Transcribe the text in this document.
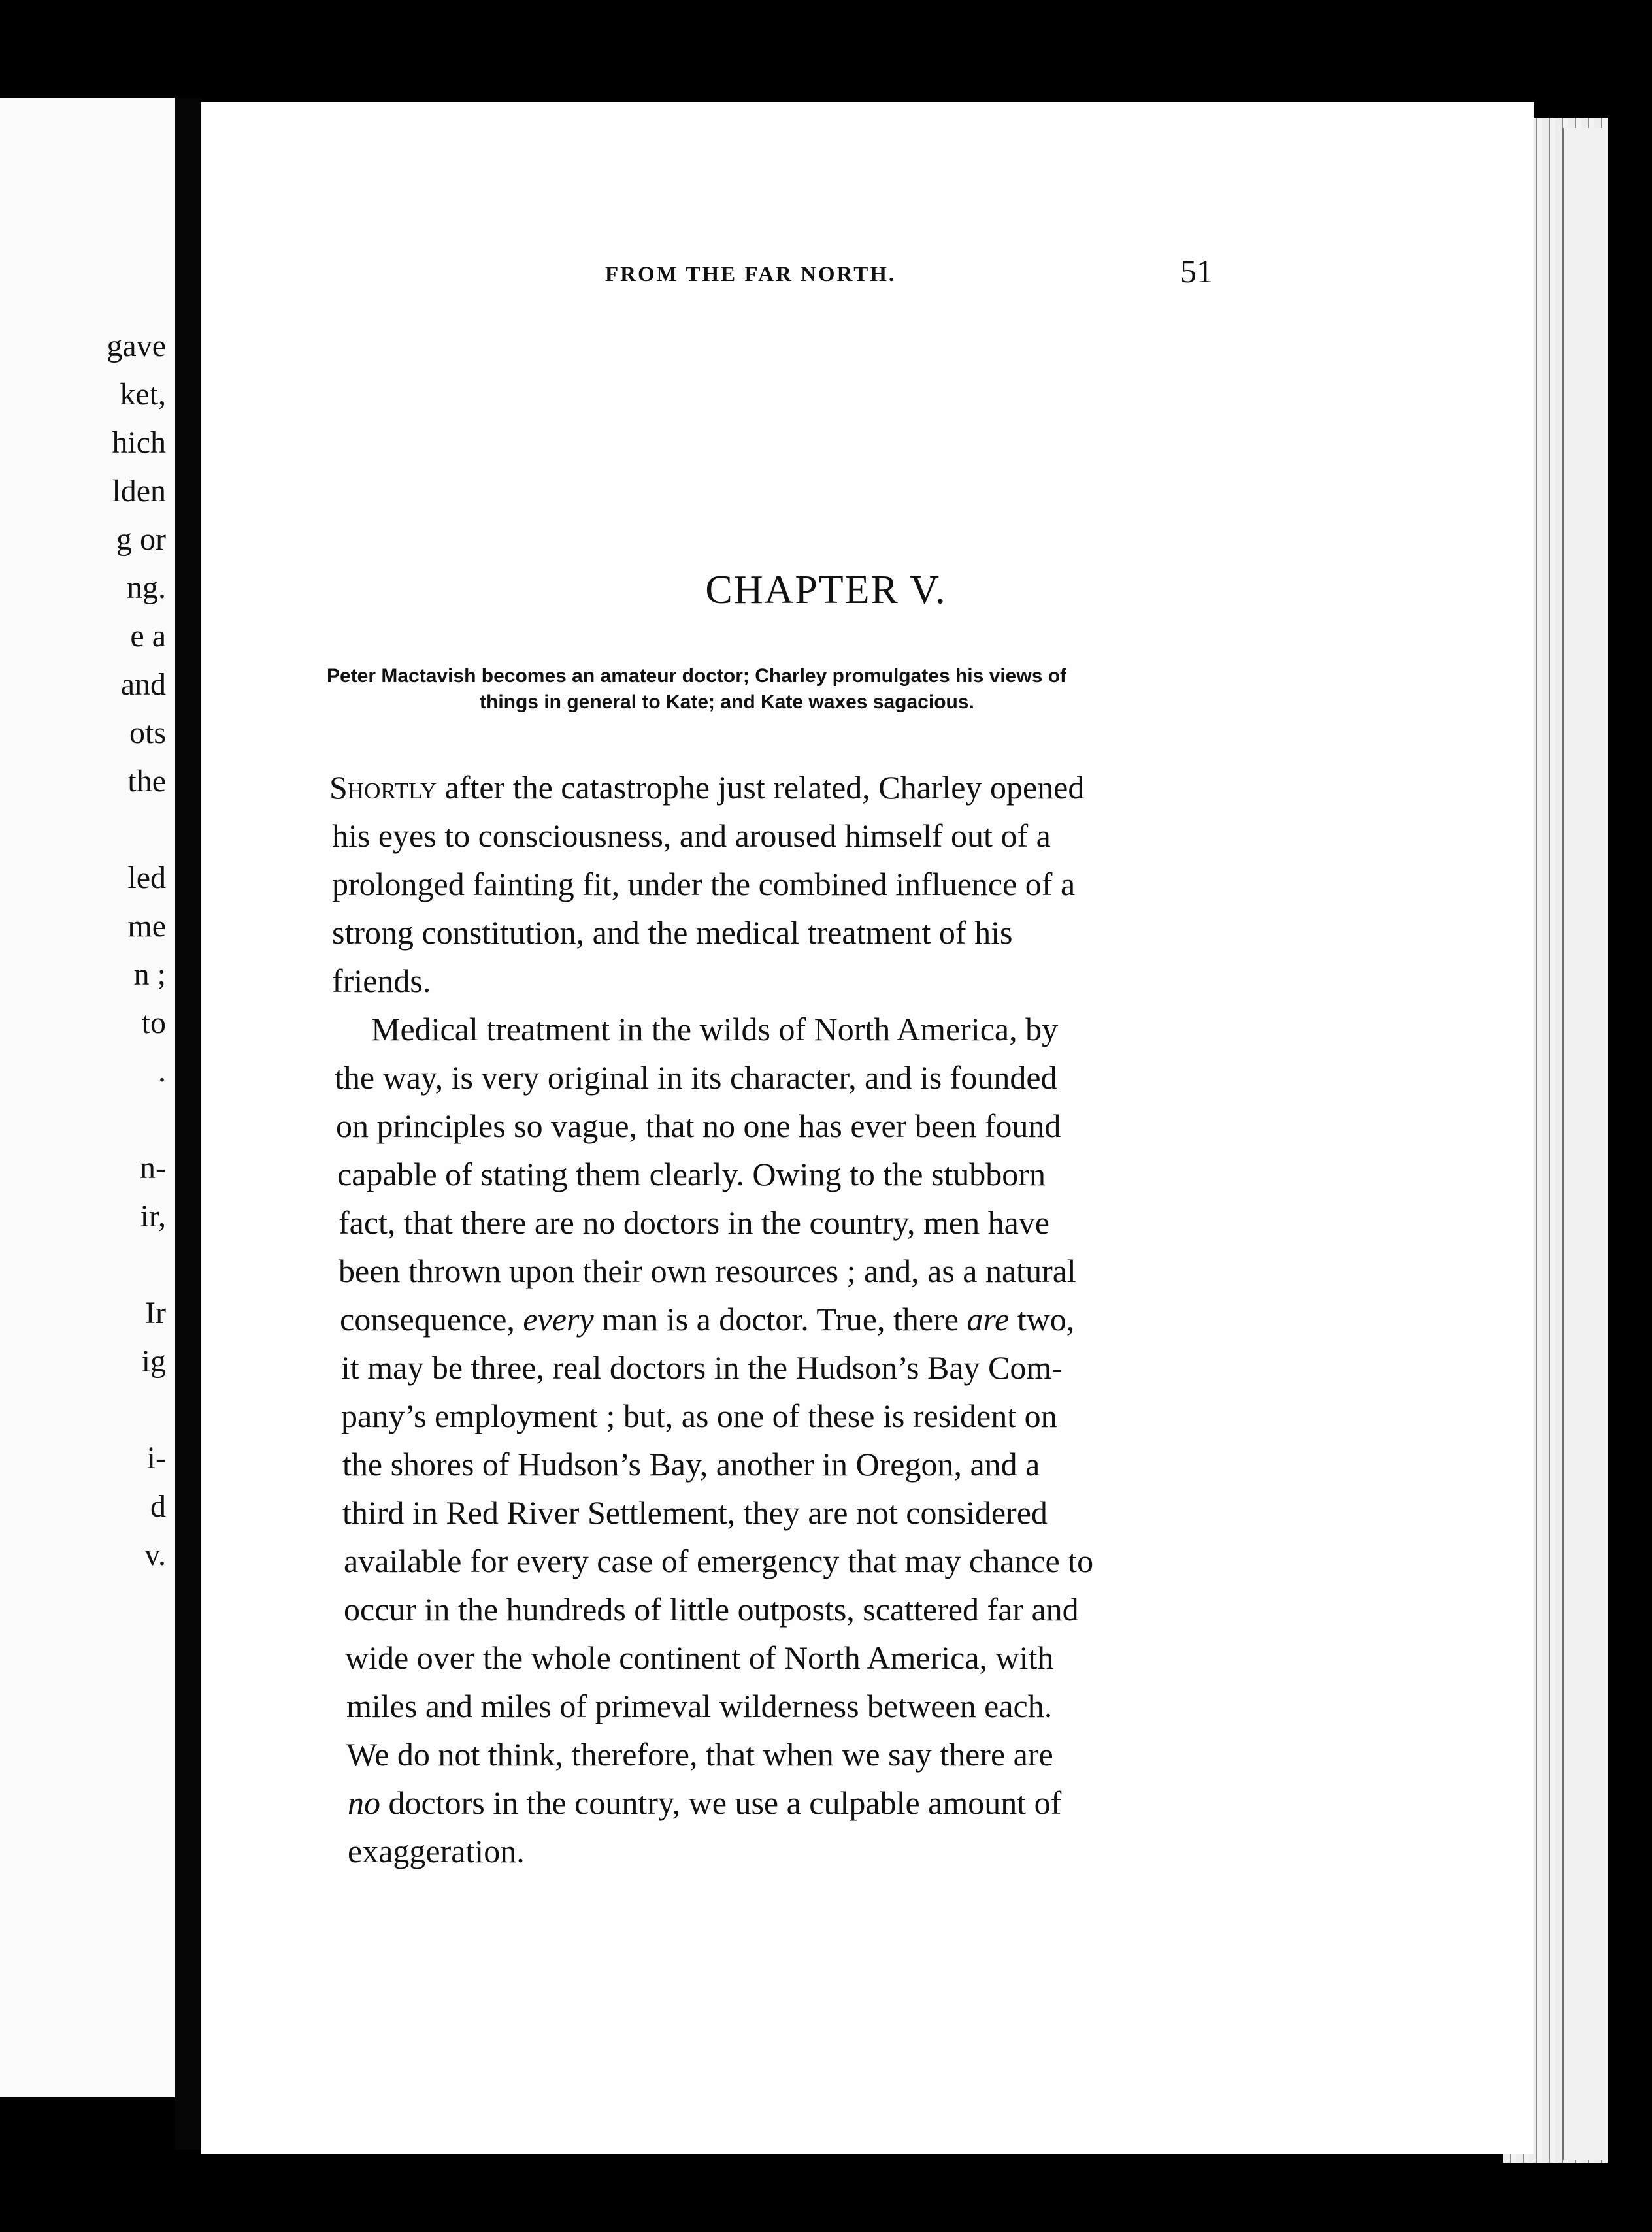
gave
ket,
hich
lden
g or
ng.
e a
and
ots
the
led
me
n ;
to
.
n-
ir,
Ir
ig
i-
d
v.
FROM THE FAR NORTH.	51
CHAPTER V.
Peter Mactavish becomes an amateur doctor; Charley promulgates his views of
things in general to Kate; and Kate waxes sagacious.
Shortly after the catastrophe just related, Charley opened
his eyes to consciousness, and aroused himself out of a
prolonged fainting fit, under the combined influence of a
strong constitution, and the medical treatment of his
friends.
Medical treatment in the wilds of North America, by
the way, is very original in its character, and is founded
on principles so vague, that no one has ever been found
capable of stating them clearly. Owing to the stubborn
fact, that there are no doctors in the country, men have
been thrown upon their own resources ; and, as a natural
consequence, every man is a doctor. True, there are two,
it may be three, real doctors in the Hudson’s Bay Com-
pany’s employment ; but, as one of these is resident on
the shores of Hudson’s Bay, another in Oregon, and a
third in Red River Settlement, they are not considered
available for every case of emergency that may chance to
occur in the hundreds of little outposts, scattered far and
wide over the whole continent of North America, with
miles and miles of primeval wilderness between each.
We do not think, therefore, that when we say there are
no doctors in the country, we use a culpable amount of
exaggeration.
